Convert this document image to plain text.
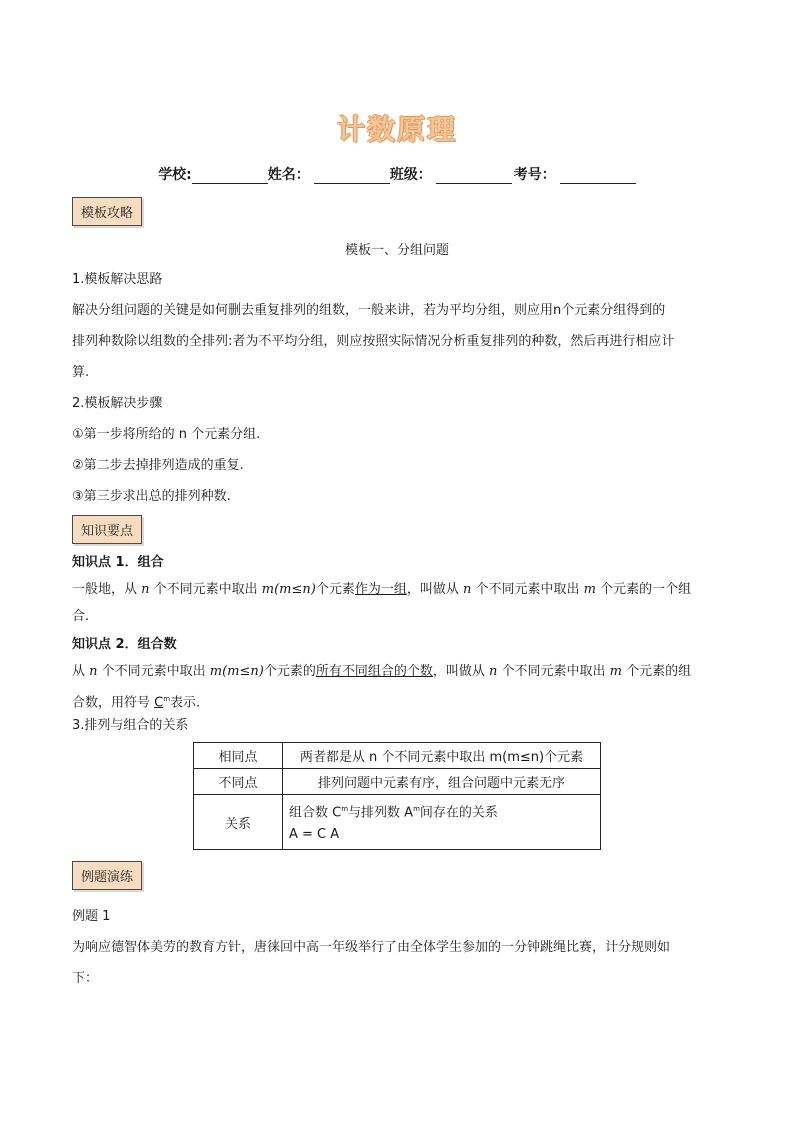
计数原理
学校:	姓名：	班级：	考号：
模板攻略
模板一、分组问题
1.模板解决思路
解决分组问题的关键是如何删去重复排列的组数，一般来讲，若为平均分组，则应用n个元素分组得到的
排列种数除以组数的全排列:者为不平均分组，则应按照实际情况分析重复排列的种数，然后再进行相应计
算.
2.模板解决步骤
①第一步将所给的 n 个元素分组.
②第二步去掉排列造成的重复.
③第三步求出总的排列种数.
知识要点
知识点 1．组合
一般地，从 n 个不同元素中取出 m(m≤n)个元素作为一组，叫做从 n 个不同元素中取出 m 个元素的一个组
合.
知识点 2．组合数
从 n 个不同元素中取出 m(m≤n)个元素的所有不同组合的个数，叫做从 n 个不同元素中取出 m 个元素的组
合数，用符号 $C^m$表示.
3.排列与组合的关系
相同点	两者都是从 n 个不同元素中取出 m(m≤n)个元素
不同点	排列问题中元素有序，组合问题中元素无序
关系	组合数 $C^m$与排列数 $A^m$间存在的关系
A = C A
例题演练
例题 1
为响应德智体美劳的教育方针，唐徕回中高一年级举行了由全体学生参加的一分钟跳绳比赛，计分规则如
下：
